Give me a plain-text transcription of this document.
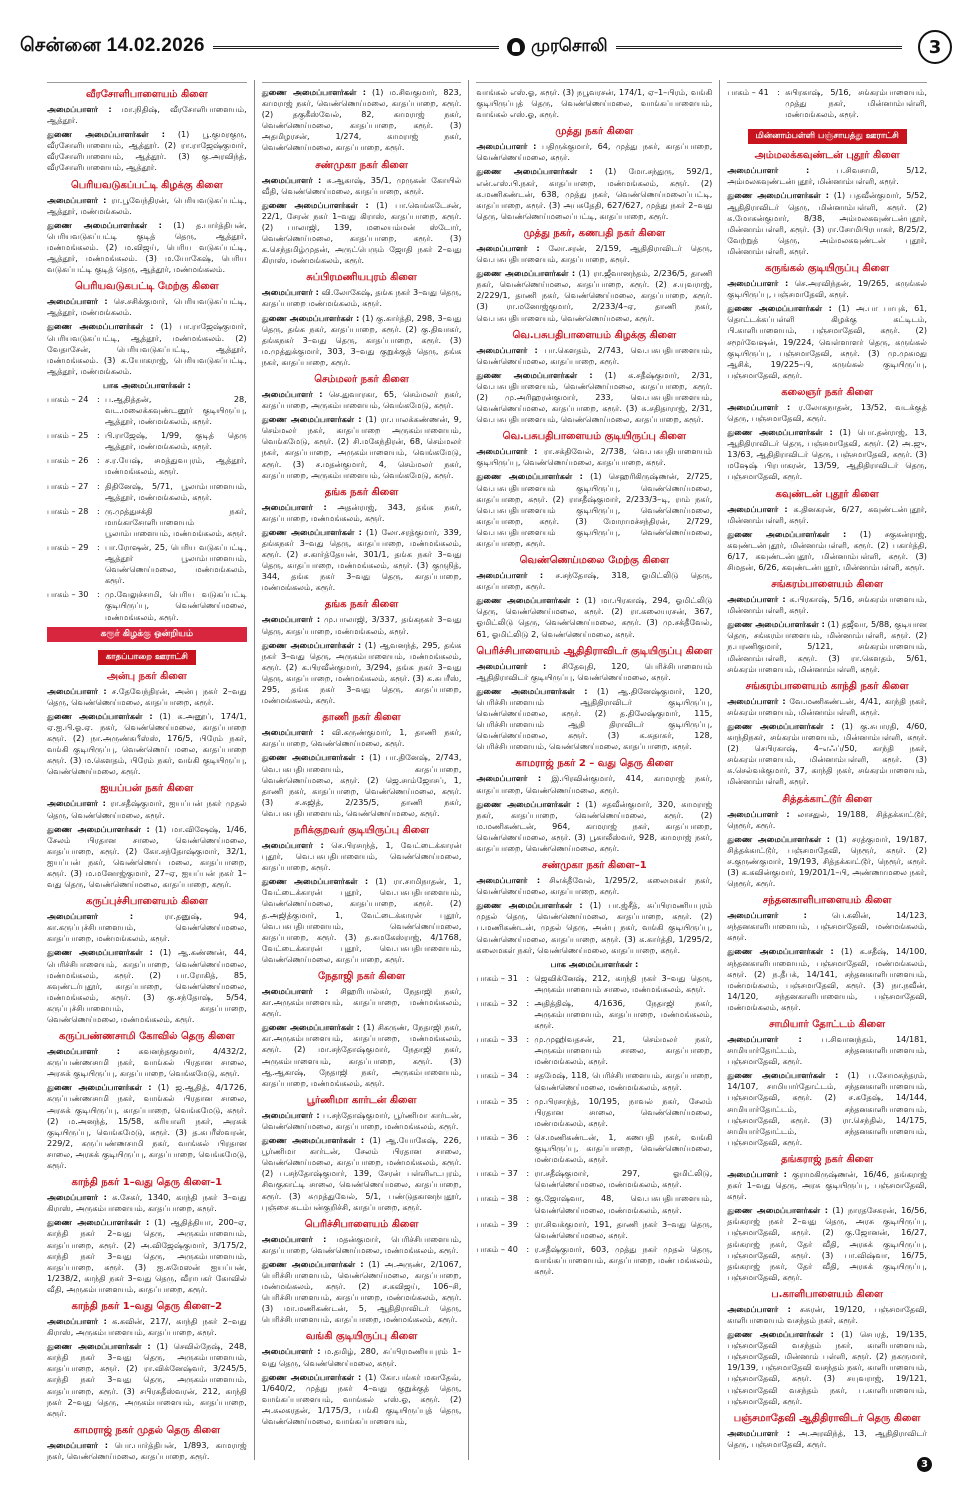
சென்னை 14.02.2026	முரசொலி	3
வீரசோளிபாளையம் கிளை

அமைப்பாளர் : மா.நிதிஷ், வீரசோளிபாளையம், ஆத்தூர்.

துணை அமைப்பாளர்கள் : (1) பூ.குமரகுரு, வீரசோளிபாளையம், ஆத்தூர். (2) ரா.ராஜேஷ்குமார், வீரசோளிபாளையம், ஆத்தூர். (3) கு.அரவிந்த், வீரசோளிபாளையம், ஆத்தூர்.

பெரியவடுகப்பட்டி கிழக்கு கிளை

அமைப்பாளர் : ரா.பூவேந்திரன், பெரியவடுகப்பட்டி, ஆத்தூர், மண்மங்கலம்.

துணை அமைப்பாளர்கள் : (1) த.பார்த்திபன், பெரியவடுகப்பட்டி குடித் தெரு, ஆத்தூர், மண்மங்கலம். (2) ம.விஜய், பெரிய வடுகப்பட்டி, ஆத்தூர், மண்மங்கலம். (3) ம.யோகேஷ், பெரிய வடுகப்பட்டி குடித் தெரு, ஆத்தூர், மண்மங்கலம்.

பெரியவடுகபட்டி மேற்கு கிளை

அமைப்பாளர் : செ.சசிக்குமார், பெரியவடுகப்பட்டி, ஆத்தூர், மண்மங்கலம்.

துணை அமைப்பாளர்கள் : (1) பா.ராஜேஷ்குமார், பெரியவடுகப்பட்டி, ஆத்தூர், மண்மங்கலம். (2) வேதாசேன், பெரியவடுகப்பட்டி, ஆத்தூர், மண்மங்கலம். (3) க.யோகராஜ், பெரியவடுகப்பட்டி, ஆத்தூர், மண்மங்கலம்.

பாக அமைப்பாளர்கள் :
பாகம் – 24	: ப.ஆதித்தன், 28, வட.மலைக்கவுண்டனூர் குடியிருப்பு, ஆத்தூர், மண்மங்கலம், கரூர்.
பாகம் – 25	: பி.ராஜேஷ், 1/99, குடித் தெரு ஆத்தூர், மண்மங்கலம், கரூர்.
பாகம் – 26	: ச.ர.யேஷ், சமத்துவபுரம், ஆத்தூர், மண்மங்கலம், கரூர்.
பாகம் – 27	: திதினேஷ், 5/71, பூலாம்பாளையம், ஆத்தூர், மண்மங்கலம், கரூர்.
பாகம் – 28	: ரு.முத்துசக்தி நகர், மாங்காசோளிபாளையம் பூலாம்பாளையம், மண்மங்கலம், கரூர்.
பாகம் – 29	: பா.ரோஷன், 25, பெரிய வடுகப்பட்டி, ஆத்தூர் பூலாம்பாளையம், வெண்ணெய்மலை, மண்மங்கலம், கரூர்.
பாகம் – 30	: மு.வேலுச்சாமி, பெரிய வடுகப்பட்டி குடியிருப்பு, வெண்ணெய்மலை, மண்மங்கலம், கரூர்.
கரூர் கிழக்கு ஒன்றியம்
காதப்பாறை ஊராட்சி
அன்பு நகர் கிளை

அமைப்பாளர் : ச.தேவேந்திரன், அன்பு நகர் 2–வது தெரு, வெண்ணெய்மலை, காதப்பாறை, கரூர்.

துணை அமைப்பாளர்கள் : (1) க.அனூப், 174/1, ஏ.ஐ.பி.ஓ.ஏ. நகர், வெண்ணெய்மலை, காதப்பாறை கரூர். (2) நா.அருண்கபீஸ்ஸ், 176/5, பிரேம் நகர், வங்கி குடியிருப்பு, வெண்ணெய் மலை, காதப்பாறை கரூர். (3) ம.கௌதம், பிரேம் நகர், வங்கி குடியிருப்பு, வெண்ணெய்மலை, கரூர்.

ஐயப்பன் நகர் கிளை

அமைப்பாளர் : ரா.சதீஷ்குமார், ஐயப்பன் நகர் முதல் தெரு, வெண்ணெய்மலை, கரூர்.

துணை அமைப்பாளர்கள் : (1) மா.விஷேஷ், 1/46, சேலம் பிரதான சாலை, வெண்ணெய்மலை, காதப்பாறை, கரூர். (2) கோ.சந்தோஷ்குமார், 32/1, ஐயப்பன் நகர், வெண்ணெய் மலை, காதப்பாறை, கரூர். (3) ம.மனோஜ்குமார், 27–ஏ, ஐயப்பன் நகர் 1–வது தெரு, வெண்ணெய்மலை, காதப்பாறை, கரூர்.

கருப்புச்சிபாளையம் கிளை

அமைப்பாளர் :	ரா.தனுஷ், 94, கா.கருப்புச்சிபாளையம், வெண்ணெய்மலை, காதப்பாறை, மண்மங்கலம், கரூர்.

துணை அமைப்பாளர்கள் : (1) ஆ.கண்ணன், 44, பெரிச்சிபாளையம், காதப்பாறை, வெண்ணெய்மலை, மண்மங்கலம், கரூர். (2) பா.ரோகித், 85, கவுண்டர்புதூர், காதப்பாறை, வெண்ணெய்மலை, மண்மங்கலம், கரூர். (3) கு.சந்தோஷ், 5/54, கருப்புச்சிபாளையம், காதப்பாறை, வெண்ணெய்மலை, மண்மங்கலம், கரூர்.

கருப்பண்ணசாமி கோவில் தெரு கிளை

அமைப்பாளர் : கவனந்தகுமார், 4/432/2, கருப்பண்ணசாமி நகர், வாங்கல் பிரதான சாலை, அரசுக் குடியிருப்பு, காதப்பாறை, வெங்கமேடு, கரூர்.

துணை அமைப்பாளர்கள் : (1) ஜ.ஆதித், 4/1726, கருப்பண்ணசாமி நகர், வாங்கல் பிரதான சாலை, அரசுக் குடியிருப்பு, காதப்பாறை, வெங்கமேடு, கரூர். (2) ம.அனந்த், 15/58, கரியாளி நகர், அரசுக் குடியிருப்பு, வெங்கமேடு, கரூர். (3) த.கபரீஸ்வரன், 229/2, கருப்பண்ணசாமி நகர், வாங்கல் பிரதான சாலை, அரசுக் குடியிருப்பு, காதப்பாறை, வெங்கமேடு, கரூர்.

காந்தி நகர் 1–வது தெரு கிளை–1

அமைப்பாளர் : சு.சேகர், 1340, காந்தி நகர் 3–வது கிராஸ், அருகம்பாளையம், காதப்பாறை, கரூர்.

துணை அமைப்பாளர்கள் : (1) ஆதித்தியா, 200–ஏ, காந்தி நகர் 2–வது தெரு, அருகம்பாளையம், காதப்பாறை, கரூர். (2) அ.விஜேஷ்குமார், 3/175/2, காந்தி நகர் 3–வது தெரு, அருகம்பாளையம், காதப்பாறை, கரூர். (3) ஐ.சுமேஸன் ஐயப்பன், 1/238/2, காந்தி நகர் 3–வது தெரு, வீராபகர் கோவில் வீதி, அருகம்பாளையம், காதப்பாறை, கரூர்.

காந்தி நகர் 1–வது தெரு கிளை–2

அமைப்பாளர் : க.கவின், 217/, காந்தி நகர் 2–வது கிராஸ், அருகம்பாளையம், காதப்பாறை, கரூர்.

துணை அமைப்பாளர்கள் : (1) செவில்நேஷ், 248, காந்தி நகர் 3–வது தெரு, அருகம்பாளையம், காதப்பாறை, கரூர். (2) ரா.விக்னேஷ்வர், 3/245/5, காந்தி நகர் 3–வது தெரு, அருகம்பாளையம், காதப்பாறை, கரூர். (3) சபிரகதீஸ்வரன், 212, காந்தி நகர் 2–வது தெரு, அருகம்பாளையம், காதப்பாறை, கரூர்.

காமராஜ் நகர் முதல் தெரு கிளை

அமைப்பாளர் : பொ.பார்த்திபன், 1/893, காமராஜ் நகர், வெண்ணெய்மலை, காதப்பாறை, கரூர்.

துணை அமைப்பாளர்கள் : (1) ம.சிவகுமார், 823, காமராஜ் நகர், வெண்ணெய்மலை, காதப்பாறை, கரூர். (2) தகுகீஸ்வேல், 82, காமராஜ் நகர், வெண்ணெய்மலை, காதப்பாறை, கரூர். (3) அதமிழரசன், 1/274, காமராஜ் நகர், வெண்ணெய்மலை, காதப்பாறை, கரூர்.

சண்முகா நகர் கிளை

அமைப்பாளர் : சு.ஆகாஷ், 35/1, முருகன் கோயில் வீதி, வெண்ணெய்மலை, காதப்பாறை, கரூர்.

துணை அமைப்பாளர்கள் : (1) பா.வெங்கடேசன், 22/1, சேரன் நகர் 1–வது கிராஸ், காதப்பாறை, கரூர். (2) பாலாஜி, 139, மலையம்மன் ஸ்டோர், வெண்ணெய்மலை, காதப்பாறை, கரூர். (3) க.செந்தமிழ்முதன், அருட்பெரும் ஜோதி நகர் 2–வது கிராஸ், மண்மங்கலம், கரூர்.

சுப்பிரமணியபுரம் கிளை

அமைப்பாளர் : வி.லோகேஷ், தங்க நகர் 3–வது தெரு, காதப்பாறை மண்மங்கலம், கரூர்.

துணை அமைப்பாளர்கள் : (1) கு.கார்த்தி, 298, 3–வது தெரு, தங்க நகர், காதப்பாறை, கரூர். (2) கு.திவாகர், தங்கநகர் 3–வது தெரு, காதப்பாறை, கரூர். (3) ம.முத்துக்குமார், 303, 3–வது குறுக்குத் தெரு, தங்க நகர், காதப்பாறை, கரூர்.

செம்மலர் நகர் கிளை

அமைப்பாளர் : செ.துவாரகா, 65, செம்மலர் நகர், காதப்பாறை, அருகம்பாளையம், வெங்கமேடு, கரூர்.

துணை அமைப்பாளர்கள் : (1) ரா.பாலக்கண்ணன், 9, செம்மலர் நகர், காதப்பாறை அருகம்பாளையம், வெங்கமேடு, கரூர். (2) சி.மகேந்திரன், 68, செம்மலர் நகர், காதப்பாறை, அருகம்பாளையம், வெங்கமேடு, கரூர். (3) ச.மதன்குமார், 4, செம்மலர் நகர், காதப்பாறை, அருகம்பாளையம், வெங்கமேடு, கரூர்.

தங்க நகர் கிளை

அமைப்பாளர் : அதன்ராஜ், 343, தங்க நகர், காதப்பாறை, மண்மங்கலம், கரூர்.

துணை அமைப்பாளர்கள் : (1) லோ.சரத்குமார், 339, தங்கநகர் 3–வது தெரு, காதப்பாறை, மண்மங்கலம், கரூர். (2) ச.கார்த்தேயன், 301/1, தங்க நகர் 3–வது தெரு, காதப்பாறை, மண்மங்கலம், கரூர். (3) குருநித், 344, தங்க நகர் 3–வது தெரு, காதப்பாறை, மண்மங்கலம், கரூர்.

தங்க நகர் கிளை

அமைப்பாளர் : மு.பாலாஜி, 3/337, தங்கநகர் 3–வது தெரு, காதப்பாறை, மண்மங்கலம், கரூர்.

துணை அமைப்பாளர்கள் : (1) ஆவனந்த், 295, தங்க நகர் 3–வது தெரு, அருகம்பாளையம், மண்மங்கலம், கரூர். (2) க.பிரவீன்குமார், 3/294, தங்க நகர் 3–வது தெரு, காதப்பாறை, மண்மங்கலம், கரூர். (3) க.சுபரீஸ், 295, தங்க நகர் 3–வது தெரு, காதப்பாறை, மண்மங்கலம், கரூர்.

தாணி நகர் கிளை

அமைப்பாளர் : வி.கருண்குமார், 1, தாணி நகர், காதப்பாறை, வெண்ணெய்மலை, கரூர்.

துணை அமைப்பாளர்கள் : (1) பா.தினேஷ், 2/743, வெ.பசுபதிபாளையம், காதப்பாறை, வெண்ணெய்மலை, கரூர். (2) ஜெ.சாம்ஜோசப், 1, தாணி நகர், காதப்பாறை, வெண்ணெய்மலை, கரூர். (3) ச.சுஜித், 2/235/5, தாணி நகர், வெ.பசுபதிபாளையம், வெண்ணெய்மலை, கரூர்.

நரிக்குறவர் குடியிருப்பு கிளை

அமைப்பாளர் : செ.பிரசாந்த், 1, வேட்டைக்காரன் புதூர், வெ.பசுபதிபாளையம், வெண்ணெய்மலை, காதப்பாறை, கரூர்.

துணை அமைப்பாளர்கள் : (1) ரா.சாமிநாதன், 1, வேட்டைக்காரன் புதூர், வெ.பசுபதிபாளையம், வெண்ணெய்மலை, காதப்பாறை, கரூர். (2) த.அஜித்குமார், 1, வேட்டைக்காரன் புதூர், வெ.பசுபதிபாளையம், வெண்ணெய்மலை, காதப்பாறை, கரூர். (3) த.சுமகேஸ்ராஜ், 4/1768, வேட்டைக்காரன் புதூர், வெ.பசுபதிபாளையம், வெண்ணெய்மலை, காதப்பாறை, கரூர்.

நேதாஜி நகர் கிளை

அமைப்பாளர் : சிஹரிபால்கர், நேதாஜி நகர், கா.அருகம்பாளையம், காதப்பாறை, மண்மங்கலம், கரூர்.

துணை அமைப்பாளர்கள் : (1) சிகருண், நேதாஜி நகர், கா.அருகம்பாளையம், காதப்பாறை, மண்மங்கலம், கரூர். (2) மா.சந்தோஷ்குமார், நேதாஜி நகர், அருகம்பாளையம், காதப்பாறை, கரூர். (3) ஆ.ஆகாஷ், நேதாஜி நகர், அருகம்பாளையம், காதப்பாறை, மண்மங்கலம், கரூர்.

பூர்ணிமா கார்டன் கிளை

அமைப்பாளர் : ப.சந்தோஷ்குமார், பூர்ணிமா கார்டன், வெண்ணெய்மலை, காதப்பாறை, மண்மங்கலம், கரூர்.

துணை அமைப்பாளர்கள் : (1) ஆ.யோகேஷ், 226, பூர்ணிமா கார்டன், சேலம் பிரதான சாலை, வெண்ணெய்மலை, காதப்பாறை, மண்மங்கலம், கரூர். (2) ப.சந்தோஷ்குமார், 139, சேரன் பள்ளிஎடபுரம், சிவகுகாட்டி சாலை, வெண்ணெய்மலை, காதப்பாறை, கரூர். (3) சுமுத்துவேல், 5/1, பண்டுதகானந்புதூர், புஞ்சை கடம்பன்குறிச்சி, காதப்பாறை, கரூர்.

பெரிச்சிபாளையம் கிளை

அமைப்பாளர் : மதன்குமார், பெரிச்சிபாளையம், காதப்பாறை, வெண்ணெய்மலை, மண்மங்கலம், கரூர்.

துணை அமைப்பாளர்கள் : (1) அ.அருண், 2/1067, பெரிச்சிபாளையம், வெண்ணெய்மலை, காதப்பாறை, மண்மங்கலம், கரூர். (2) ச.கவிஜய், 106–சி, பெரிச்சிபாளையம், காதப்பாறை, மண்மங்கலம், கரூர். (3) மா.மணிகண்டன், 5, ஆதிதிராவிடர் தெரு, பெரிச்சிபாளையம், காதப்பாறை, மண்மங்கலம், கரூர்.

வங்கி குடியிருப்பு கிளை

அமைப்பாளர் : ம.தமிழ், 280, சுப்பிரமணியபுரம் 1–வது தெரு, வெண்ணெய்மலை, கரூர்.

துணை அமைப்பாளர்கள் : (1) கோ.பங்கர் மகாதேவ், 1/640/2, முத்து நகர் 4–வது குறுக்குத் தெரு, வாங்கப்பாளையம், வாங்கல் எஸ்.ஓ, கரூர். (2) அ.சுலகரதன், 1/175/3, பங்கி குடியிருப்புத் தெரு, வெண்ணெய்மலை, வாங்கப்பாளையம்,

வாங்கல் எஸ்.ஓ, கரூர். (3) நபூவரசன், 174/1, ஏ–1–பிரம், வங்கி குடியிருப்புத் தெரு, வெண்ணெய்மலை, வாங்கப்பாளையம், வாங்கல் எஸ்.ஓ, கரூர்.

முத்து நகர் கிளை

அமைப்பாளர் : பதிருக்குமார், 64, முத்து நகர், காதப்பாறை, வெண்ணெய்மலை, கரூர்.

துணை அமைப்பாளர்கள் : (1) மோ.சந்துரு, 592/1, என்.எஸ்.பி.நகர், காதப்பாறை, மண்மங்கலம், கரூர். (2) க.மணிகண்டன், 638, முத்து நகர், வெண்ணெய்மலைப்பட்டி, காதப்பாறை, கரூர். (3) அபசுதேதி, 627/627, முத்து நகர் 2–வது தெரு, வெண்ணெய்மலைப்பட்டி, காதப்பாறை, கரூர்.

முத்து நகர், கணபதி நகர் கிளை

அமைப்பாளர் : லோ.சரன், 2/159, ஆதிதிராவிடர் தெரு, வெ.பசுபதிபாளையம், காதப்பாறை, கரூர்.

துணை அமைப்பாளர்கள் : (1) ரா.ஜீவானந்தம், 2/236/5, தாணி நகர், வெண்ணெய்மலை, காதப்பாறை, கரூர். (2) ச.யுவராஜ், 2/229/1, தாணி நகர், வெண்ணெய்மலை, காதப்பாறை, கரூர். (3) ரா.மனோஜ்குமார், 2/233/4–ஏ, தாணி நகர், வெ.பசுபதிபாளையம், வெண்ணெய்மலை, கரூர்.

வெ.பசுபதிபாளையம் கிழக்கு கிளை

அமைப்பாளர் : பா.கௌதம், 2/743, வெ.பசுபதிபாளையம், வெண்ணெய்மலை, காதப்பாறை, கரூர்.

துணை அமைப்பாளர்கள் : (1) க.சதீஷ்குமார், 2/31, வெ.பசுபதிபாளையம், வெண்ணெய்மலை, காதப்பாறை, கரூர். (2) மு.அரிஹரன்குமார், 233, வெ.பசுபதிபாளையம், வெண்ணெய்மலை, காதப்பாறை, கரூர். (3) சு.சதிதாராஜ், 2/31, வெ.பசுபதிபாளையம், வெண்ணெய்மலை, காதப்பாறை, கரூர்.

வெ.பசுபதிபாளையம் குடியிருப்பு கிளை

அமைப்பாளர் : ரா.சக்திவேல், 2/738, வெ.பசுபதிபாளையம் குடியிருப்பு, வெண்ணெய்மலை, காதப்பாறை, கரூர்.

துணை அமைப்பாளர்கள் : (1) செஹரிகிருஷ்ணன், 2/725, வெ.பசுபதிபாளையம் குடியிருப்பு, வெண்ணெய்மலை, காதப்பாறை, கரூர். (2) ராசதீஷ்குமார், 2/233/3–டி, ராம் நகர், வெ.பசுபதிபாளையம் குடியிருப்பு, வெண்ணெய்மலை, காதப்பாறை, கரூர். (3) மோராமச்சந்திரன், 2/729, வெ.பசுபதிபாளையம் குடியிருப்பு, வெண்ணெய்மலை, காதப்பாறை, கரூர்.

வெண்ணெய்மலை மேற்கு கிளை

அமைப்பாளர் : ச.சந்தோஷ், 318, ஓமிட்லிடு தெரு, காதப்பாறை, கரூர்.

துணை அமைப்பாளர்கள் : (1) மா.பிரகாஷ், 294, ஓமிட்லிடு தெரு, வெண்ணெய்மலை, கரூர். (2) ரா.கலையரசன், 367, ஓமிட்லிடு தெரு, வெண்ணெய்மலை, கரூர். (3) மு.சக்தீவேல், 61, ஓமிட்லிடு 2, வெண்ணெய்மலை, கரூர்.

பெரிச்சிபாளையம் ஆதிதிராவிடர் குடியிருப்பு கிளை

அமைப்பாளர் : சிதேவுதி, 120, பெரிச்சிபாளையம் ஆதிதிராவிடர் குடியிருப்பு, வெண்ணெய்மலை, கரூர்.

துணை அமைப்பாளர்கள் : (1) ஆ.தினேஷ்குமார், 120, பெரிச்சிபாளையம் ஆதிதிராவிடர் குடியிருப்பு, வெண்ணெய்மலை, கரூர். (2) த.திலேஷ்குமார், 115, பெரிச்சிபாளையம் ஆதி திராவிடர் குடியிருப்பு, வெண்ணெய்மலை, கரூர். (3) க.சுதாகர், 128, பெரிச்சிபாளையம், வெண்ணெய்மலை, காதப்பாறை, கரூர்.

காமராஜ் நகர் 2 – வது தெரு கிளை

அமைப்பாளர் : இ.பிரவின்குமார், 414, காமராஜ் நகர், காதப்பாறை, வெண்ணெய்மலை, கரூர்.

துணை அமைப்பாளர்கள் : (1) சதவீன்குமார், 320, காமராஜ் நகர், காதப்பாறை, வெண்ணெய்மலை, கரூர். (2) ம.மணிகண்டன், 964, காமராஜ் நகர், காதப்பாறை, வெண்ணெய்மலை, கரூர். (3) பூகாலீஸ்வர், 928, காமராஜ் நகர், காதப்பாறை, வெண்ணெய்மலை, கரூர்.

சண்முகா நகர் கிளை–1

அமைப்பாளர் : சிஎக்தீவேல், 1/295/2, கலைமகள் நகர், வெண்ணெய்மலை, காதப்பாறை, கரூர்.

துணை அமைப்பாளர்கள் : (1) பா.ஜ்சீத், சுப்பிரமணியபுரம் முதல் தெரு, வெண்ணெய்மலை, காதப்பாறை, கரூர். (2) ப.மணிகண்டன், முதல் தெரு, அன்பு நகர், வங்கி குடியிருப்பு, வெண்ணெய்மலை, காதப்பாறை, கரூர். (3) க.கார்த்தி, 1/295/2, கலைமகள் நகர், வெண்ணெய்மலை, காதப்பாறை, கரூர்.

பாக அமைப்பாளர்கள் :
பாகம் – 31	: ஜெவிக்னேஷ், 212, காந்தி நகர் 3–வது தெரு, அருகம்பாளையம் சாலை, மண்மங்கலம், கரூர்.
பாகம் – 32	: அதித்திஷ், 4/1636, நேதாஜி நகர், அருகம்பாளையம், காதப்பாறை, மண்மங்கலம், கரூர்.
பாகம் – 33	: மு.முஹிவதசன், 21, செம்மலர் நகர், அருகம்பாளையம் சாலை, காதப்பாறை, மண்மங்கலம், கரூர்.
பாகம் – 34	: சதமேஷ், 118, பெரிச்சிபாளையம், காதப்பாறை, வெண்ணெய்மலை, மண்மங்கலம், கரூர்.
பாகம் – 35	: மு.பிரசாந்த், 10/195, நாவல் நகர், சேலம் பிரதான சாலை, வெண்ணெய்மலை, மண்மங்கலம், கரூர்.
பாகம் – 36	: செ.மணிகண்டன், 1, கணபதி நகர், வங்கி குடியிருப்பு, காதப்பாறை, வெண்ணெய்மலை, மண்மங்கலம், கரூர்.
பாகம் – 37	: ரா.சதீஷ்குமார், 297, ஓமிட்லிடு, வெண்ணெய்மலை, மண்மங்கலம், கரூர்.
பாகம் – 38	: கு.ஜோஷ்வா, 48, வெ.பசுபதிபாளையம், வெண்ணெய்மலை, மண்மங்கலம், கரூர்.
பாகம் – 39	: ரா.சிவக்குமார், 191, தாணி நகர் 3–வது தெரு, வெண்ணெய்மலை, கரூர்.
பாகம் – 40	: ர.சதீஷ்குமார், 603, முத்து நகர் முதல் தெரு, வாங்கப்பாளையம், காதப்பாறை, மண் மங்கலம், கரூர்.
பாகம் – 41	: சுபிரகாஷ், 5/16, சங்கரம்பாளையம், முத்து நகர், மின்னாம்பள்ளி, மண்மங்கலம், கரூர்.
மின்னாம்பள்ளி பஞ்சாயத்து ஊராட்சி
அம்மலக்கவுண்டன் புதூர் கிளை

அமைப்பாளர் :	ப.சிவசாமி, 5/12, அம்மலகவுண்டன்புதூர், மின்னாம்பள்ளி, கரூர்.

துணை அமைப்பாளர்கள் : (1) பதவீன்குமார், 5/52, ஆதிதிராவிடர் தெரு, மின்னாம்பள்ளி, கரூர். (2) க.மோகன்குமார், 8/38, அம்மலகவுண்டன்புதூர், மின்னாம்பள்ளி, கரூர். (3) ரா.சோமிபிரபாகர், 8/25/2, வேற்றுத் தெரு, அம்மலகவுண்டன் புதூர், மின்னாம்பள்ளி, கரூர்.

கருங்கல் குடியிருப்பு கிளை

அமைப்பாளர் : செ.அரவிந்தன், 19/265, கருங்கல் குடியிருப்பு, பஞ்சமாதேவி, கரூர்.

துணை அமைப்பாளர்கள் : (1) அ.பா பாபுக், 61, தொட்டக்கப்பள்ளி கிழக்கு கட்டிடம், பி.காளிபாளையம், பஞ்சமாதேவி, கரூர். (2) சமூர்வேஷன், 19/224, வெள்ளாளர் தெரு, கருங்கல் குடியிருப்பு, பஞ்சமாதேவி, கரூர். (3) மு.முகமது ஆசிக், 19/225–பி, கருங்கல் குடியிருப்பு, பஞ்சமாதேவி, கரூர்.

கலைஞர் நகர் கிளை

அமைப்பாளர் : ர.லோகநாதன், 13/52, வடக்குத் தெரு, பஞ்சமாதேவி, கரூர்.

துணை அமைப்பாளர்கள் : (1) பொ.தன்ராஜ், 13, ஆதிதிராவிடர் தெரு, பஞ்சமாதேவி, கரூர். (2) அ.ஜு, 13/63, ஆதிதிராவிடர் தெரு, பஞ்சமாதேவி, கரூர். (3) மஷேஷ் பிரபாகரன், 13/59, ஆதிதிராவிடர் தெரு, பஞ்சமாதேவி, கரூர்.

கவுண்டன் புதூர் கிளை

அமைப்பாளர் : க.தினகரன், 6/27, கவுண்டன்புதூர், மின்னாம்பள்ளி, கரூர்.

துணை அமைப்பாளர்கள் : (1) சகுகன்ராஜ், கவுண்டன்புதூர், மின்னாம்பள்ளி, கரூர். (2) பகார்த்தி, 6/17, கவுண்டன்புதூர், மின்னாம்பள்ளி, கரூர். (3) சிமதன், 6/26, கவுண்டன்புதூர், மின்னாம்பள்ளி, கரூர்.

சங்கரம்பாளையம் கிளை

அமைப்பாளர் : க.பிரகாஷ், 5/16, சங்கரம்பாளையம், மின்னாம்பள்ளி, கரூர்.

துணை அமைப்பாளர்கள் : (1) தஜீவா, 5/88, குடியான தெரு, சங்கரம்பாளையம், மின்னாம்பள்ளி, கரூர். (2) ந.பரணிகுமார், 5/121, சங்கரம்பாளையம், மின்னாம்பள்ளி, கரூர். (3) ரா.கௌதம், 5/61, சங்கரம்பாளையம், மின்னாம்பள்ளி, கரூர்.

சங்கரம்பாளையம் காந்தி நகர் கிளை

அமைப்பாளர் : வே.மணிகண்டன், 4/41, காந்தி நகர், சங்கரம்பாளையம், மின்னாம்பள்ளி, கரூர்.

துணை அமைப்பாளர்கள் : (1) கு.சுபாரதி, 4/60, காந்திநகர், சங்கரம்பாளையம், மின்னாம்பள்ளி, கரூர். (2) செபிரகாஷ், 4–எஃப்/50, காந்தி நகர், சங்கரம்பாளையம், மின்னாம்பள்ளி, கரூர். (3) சு.செல்வக்குமார், 37, காந்தி நகர், சங்கரம்பாளையம், மின்னாம்பள்ளி, கரூர்.

சித்தக்காட்டூர் கிளை

அமைப்பாளர் : லாசதுல், 19/188, சித்தக்காட்டூர், நெரூர், கரூர்.

துணை அமைப்பாளர்கள் : (1) சரத்குமார், 19/187, சித்தக்காட்டூர், பஞ்சமாதேவி, நெரூர், கரூர். (2) ச.குருண்குமார், 19/193, சித்தக்காட்டூர், நெரூர், கரூர். (3) க.கவின்குமார், 19/201/1–பி, அண்ணாமலை நகர், நெரூர், கரூர்.

சந்தனகாளிபாளையம் கிளை

அமைப்பாளர் :	பெ.சுலின், 14/123, சந்தனகாளிபாளையம், பஞ்சமாதேவி, மண்மங்கலம், கரூர்.

துணை அமைப்பாளர்கள் : (1) க.சதீஷ், 14/100, சந்தனகாளிபாளையம், பஞ்சமாதேவி, மண்மங்கலம், கரூர். (2) ந.தீபக், 14/141, சந்தனகாளிபாளையம், மண்மங்கலம், பஞ்சமாதேவி, கரூர். (3) நா.நவீன், 14/120, சந்தனகாளிபாளையம், பஞ்சமாதேவி, மண்மங்கலம், கரூர்.

சாமியார் தோட்டம் கிளை

அமைப்பாளர் : ப.சிவானந்தம், 14/181, சாமியார்தோட்டம், சந்தனகாளிபாளையம், பஞ்சமாதேவி, கரூர்.

துணை அமைப்பாளர்கள் : (1) ப.சோமசுந்தரம், 14/107, சாமியார்தோட்டம், சந்தனகாளிபாளையம், பஞ்சமாதேவி, கரூர். (2) ச.கதேஷ், 14/144, சாமியார்தோட்டம், சந்தனகாளிபாளையம், பஞ்சமாதேவி, கரூர். (3) ரா.செந்தில், 14/175, சாமியார்தோட்டம், சந்தனகாளிபாளையம், பஞ்சமாதேவி, கரூர்.

தங்கராஜ் நகர் கிளை

அமைப்பாளர் : குராமகிருஷ்ணன், 16/46, தங்கராஜ் நகர் 1–வது தெரு, அரசு குடியிருப்பு, பஞ்சமாதேவி, கரூர்.

துணை அமைப்பாளர்கள் : (1) நாரதசேகரன், 16/56, தங்கராஜ் நகர் 2–வது தெரு, அரசு குடியிருப்பு, பஞ்சமாதேவி, கரூர். (2) கு.ஜோனன், 16/27, தங்கராஜ் நகர், தேர் வீதி, அரசுக் குடியிருப்பு, பஞ்சமாதேவி, கரூர். (3) பா.விஷ்வா, 16/75, தங்கராஜ் நகர், தேர் வீதி, அரசுக் குடியிருப்பு, பஞ்சமாதேவி, கரூர்.

ப.காளிபாளையம் கிளை

அமைப்பாளர் : சுசுரன், 19/120, பஞ்சமாதேவி, காளிபாளையம் வசந்தம் நகர், கரூர்.

துணை அமைப்பாளர்கள் : (1) செபரத், 19/135, பஞ்சமாதேவி வசந்தம் நகர், காளிபாளையம், பஞ்சமாதேவி, மின்னாம் பள்ளி, கரூர். (2) நகருமார், 19/139, பஞ்சமாதேவி வசந்தம் நகர், காளிபாளையம், பஞ்சமாதேவி, கரூர். (3) சயுவராஜ், 19/121, பஞ்சமாதேவி வசந்தம் நகர், ப.காளிபாளையம், பஞ்சமாதேவி, கரூர்.

பஞ்சமாதேவி ஆதிதிராவிடர் தெரு கிளை

அமைப்பாளர் : அ.அரவிந்த், 13, ஆதிதிராவிடர் தெரு, பஞ்சமாதேவி, கரூர்.

3
